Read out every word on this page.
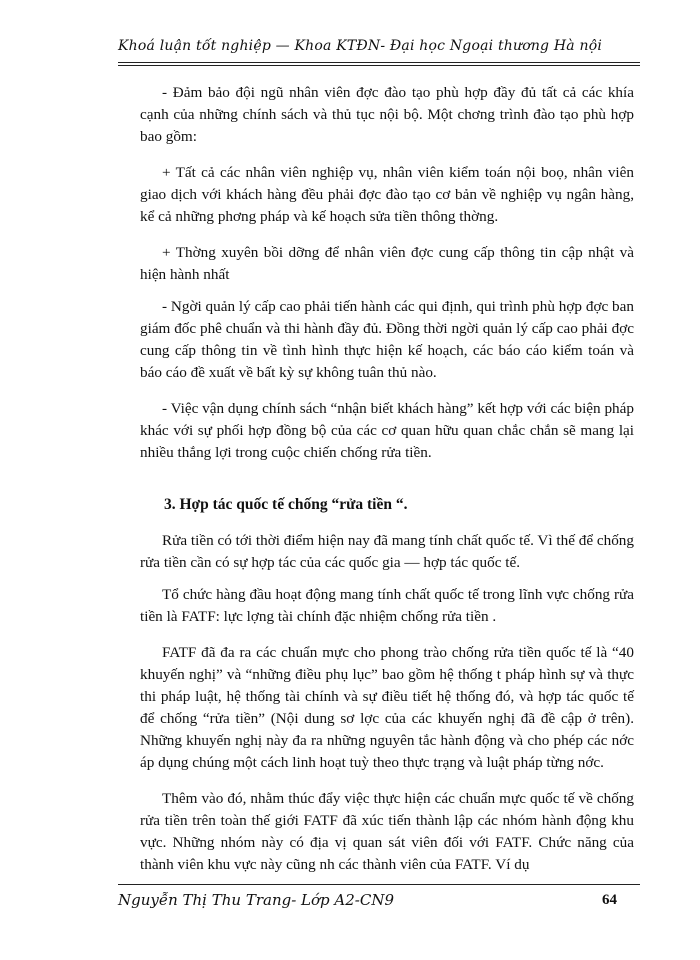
Khoá luận tốt nghiệp — Khoa KTĐN- Đại học Ngoại thương Hà nội

- Đảm bảo đội ngũ nhân viên đợc đào tạo phù hợp đầy đủ tất cả các khía cạnh của những chính sách và thủ tục nội bộ. Một chơng trình đào tạo phù hợp bao gồm:

+ Tất cả các nhân viên nghiệp vụ, nhân viên kiểm toán nội boọ, nhân viên giao dịch với khách hàng đều phải đợc đào tạo cơ bản về nghiệp vụ ngân hàng, kể cả những phơng pháp và kế hoạch sửa tiền thông thờng.

+ Thờng xuyên bồi dỡng để nhân viên đợc cung cấp thông tin cập nhật và hiện hành nhất

- Ngời quản lý cấp cao phải tiến hành các qui định, qui trình phù hợp đợc ban giám đốc phê chuẩn và thi hành đầy đủ. Đồng thời ngời quản lý cấp cao phải đợc cung cấp thông tin về tình hình thực hiện kế hoạch, các báo cáo kiểm toán và báo cáo đề xuất về bất kỳ sự không tuân thủ nào.

- Việc vận dụng chính sách “nhận biết khách hàng” kết hợp với các biện pháp khác với sự phối hợp đồng bộ của các cơ quan hữu quan chắc chắn sẽ mang lại nhiều thắng lợi trong cuộc chiến chống rửa tiền.

3. Hợp tác quốc tế chống “rửa tiền “.

Rửa tiền có tới thời điểm hiện nay đã mang tính chất quốc tế. Vì thế để chống rửa tiền cần có sự hợp tác của các quốc gia — hợp tác quốc tế.

Tổ chức hàng đầu hoạt động mang tính chất quốc tế trong lĩnh vực chống rửa tiền là FATF: lực lợng tài chính đặc nhiệm chống rửa tiền .

FATF đã đa ra các chuẩn mực cho phong trào chống rửa tiền quốc tế là “40 khuyến nghị” và “những điều phụ lục” bao gồm hệ thống t pháp hình sự và thực thi pháp luật, hệ thống tài chính và sự điều tiết hệ thống đó, và hợp tác quốc tế để chống “rửa tiền” (Nội dung sơ lợc của các khuyến nghị đã đề cập ở trên). Những khuyến nghị này đa ra những nguyên tắc hành động và cho phép các nớc áp dụng chúng một cách linh hoạt tuỳ theo thực trạng và luật pháp từng nớc.

Thêm vào đó, nhằm thúc đẩy việc thực hiện các chuẩn mực quốc tế về chống rửa tiền trên toàn thế giới FATF đã xúc tiến thành lập các nhóm hành động khu vực. Những nhóm này có địa vị quan sát viên đối với FATF. Chức năng của thành viên khu vực này cũng nh các thành viên của FATF. Ví dụ

Nguyễn Thị Thu Trang- Lớp A2-CN9	64
